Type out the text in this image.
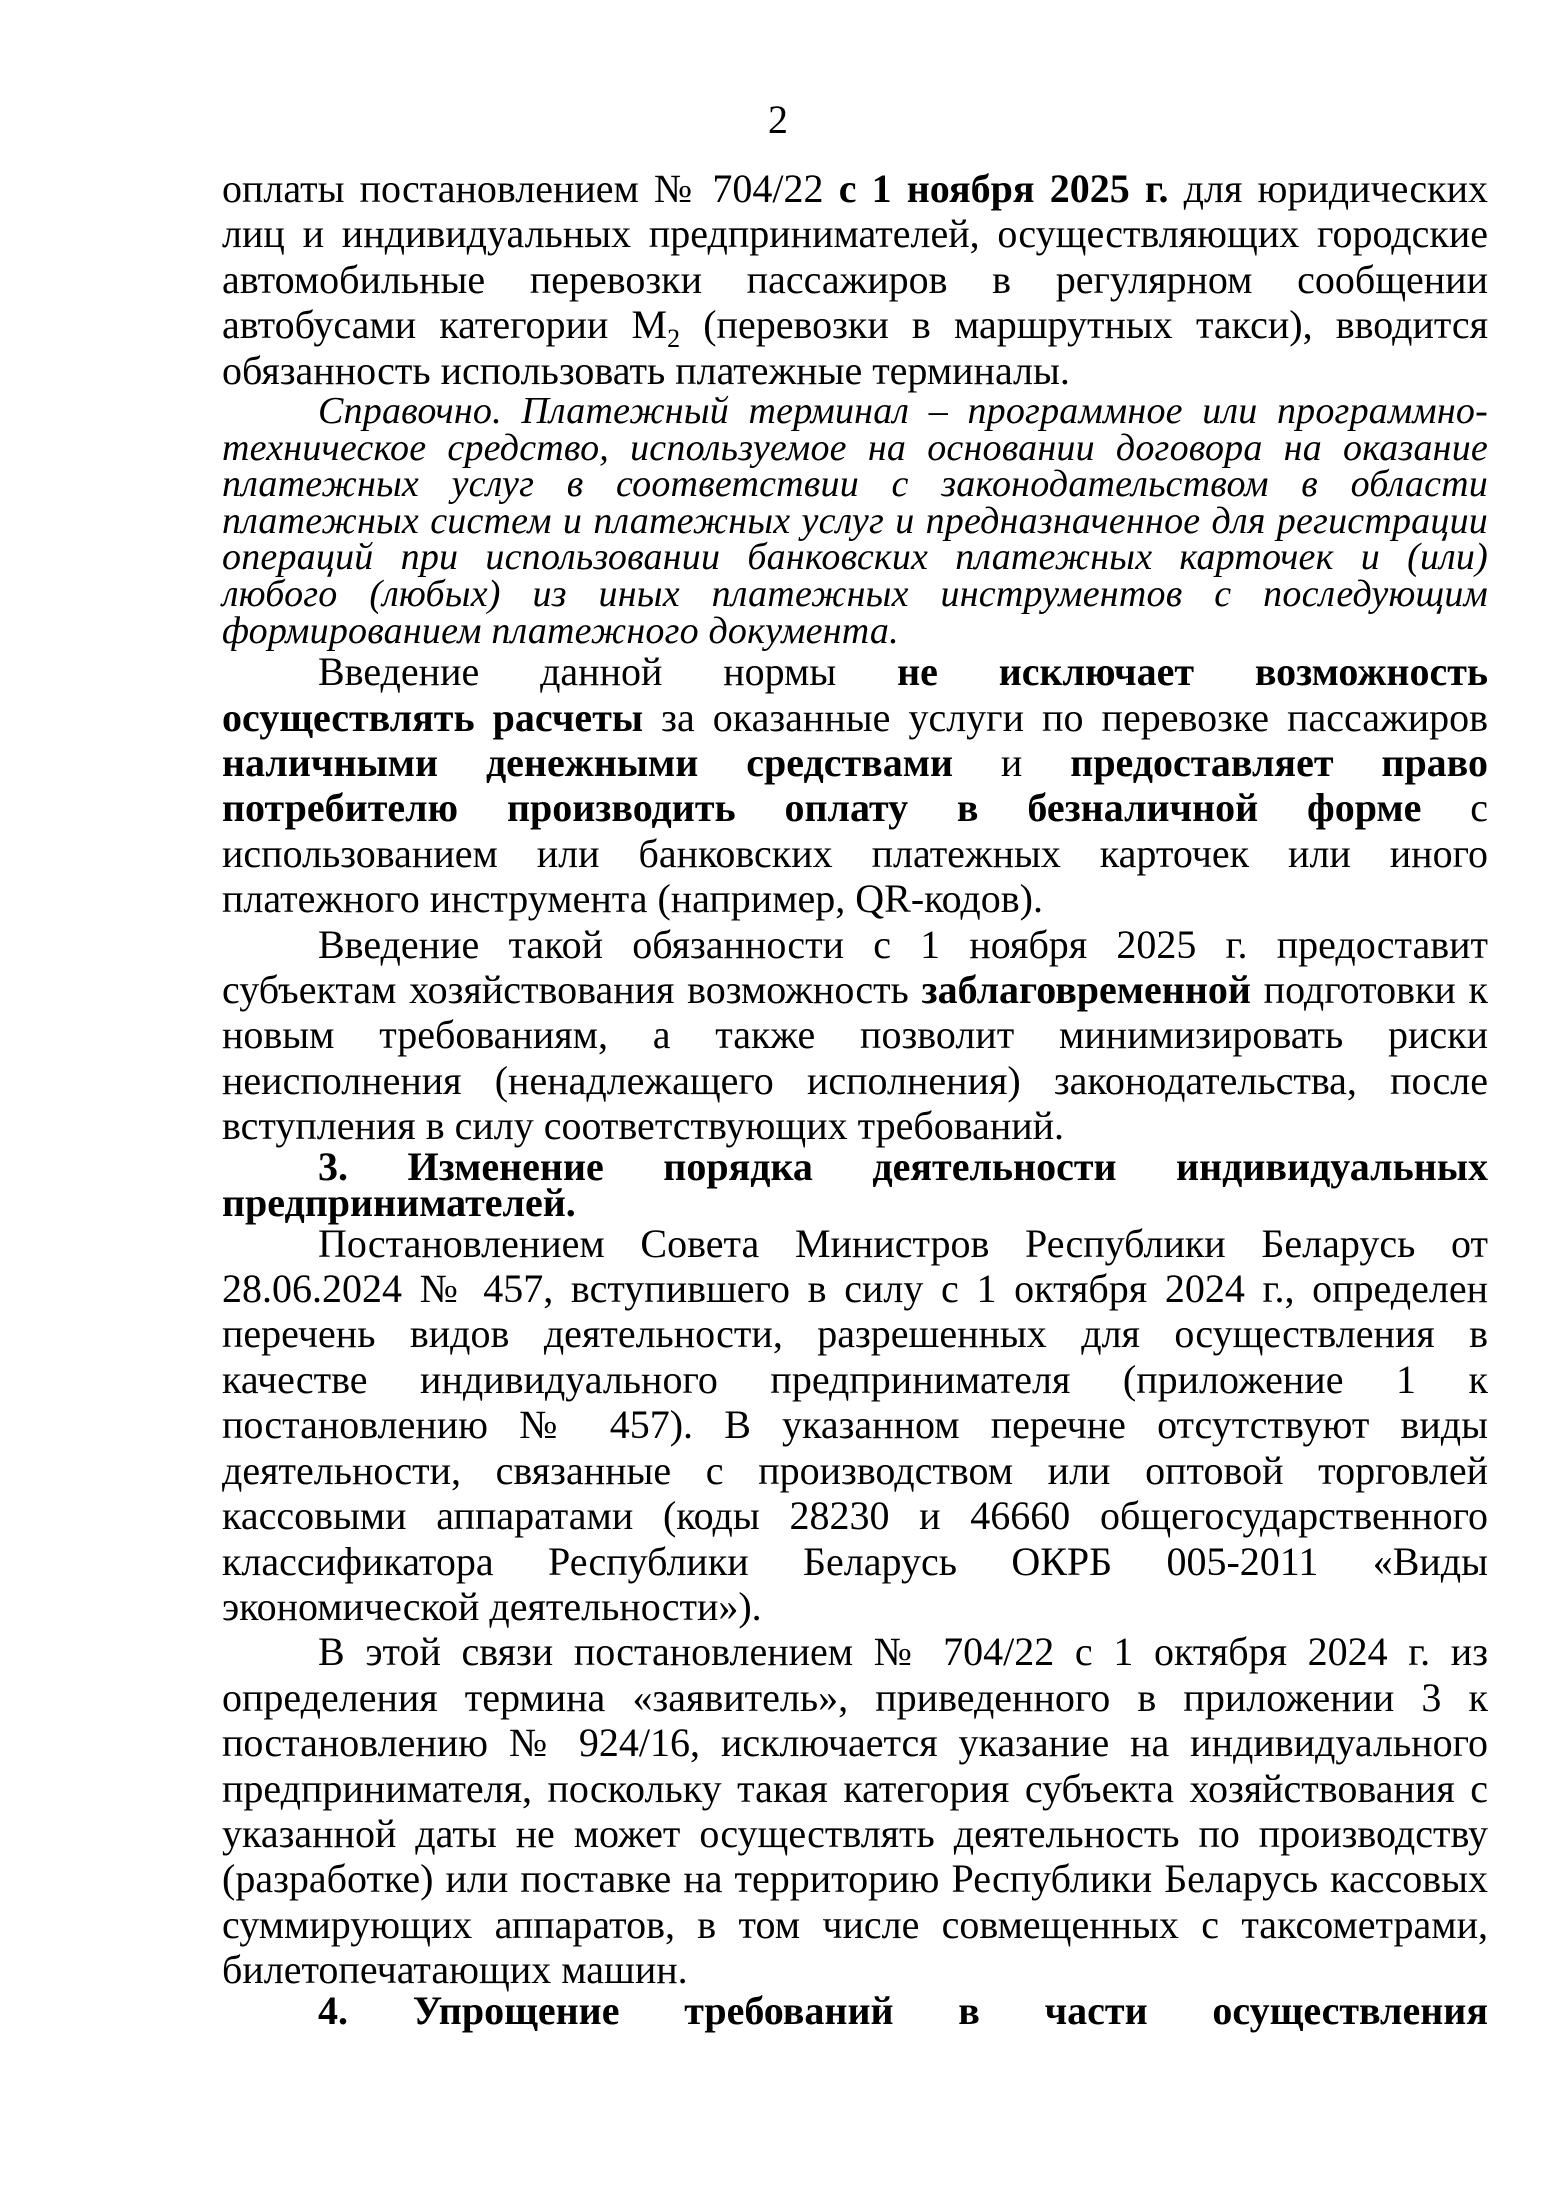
2

оплаты постановлением № 704/22 с 1 ноября 2025 г. для юридических лиц и индивидуальных предпринимателей, осуществляющих городские автомобильные перевозки пассажиров в регулярном сообщении автобусами категории $М_2$ (перевозки в маршрутных такси), вводится обязанность использовать платежные терминалы.

Справочно. Платежный терминал – программное или программно-техническое средство, используемое на основании договора на оказание платежных услуг в соответствии с законодательством в области платежных систем и платежных услуг и предназначенное для регистрации операций при использовании банковских платежных карточек и (или) любого (любых) из иных платежных инструментов с последующим формированием платежного документа.

Введение данной нормы не исключает возможность осуществлять расчеты за оказанные услуги по перевозке пассажиров наличными денежными средствами и предоставляет право потребителю производить оплату в безналичной форме с использованием или банковских платежных карточек или иного платежного инструмента (например, QR-кодов).

Введение такой обязанности с 1 ноября 2025 г. предоставит субъектам хозяйствования возможность заблаговременной подготовки к новым требованиям, а также позволит минимизировать риски неисполнения (ненадлежащего исполнения) законодательства, после вступления в силу соответствующих требований.

3. Изменение порядка деятельности индивидуальных предпринимателей.

Постановлением Совета Министров Республики Беларусь от 28.06.2024 № 457, вступившего в силу с 1 октября 2024 г., определен перечень видов деятельности, разрешенных для осуществления в качестве индивидуального предпринимателя (приложение 1 к постановлению № 457). В указанном перечне отсутствуют виды деятельности, связанные с производством или оптовой торговлей кассовыми аппаратами (коды 28230 и 46660 общегосударственного классификатора Республики Беларусь ОКРБ 005-2011 «Виды экономической деятельности»).

В этой связи постановлением № 704/22 с 1 октября 2024 г. из определения термина «заявитель», приведенного в приложении 3 к постановлению № 924/16, исключается указание на индивидуального предпринимателя, поскольку такая категория субъекта хозяйствования с указанной даты не может осуществлять деятельность по производству (разработке) или поставке на территорию Республики Беларусь кассовых суммирующих аппаратов, в том числе совмещенных с таксометрами, билетопечатающих машин.

4. Упрощение требований в части осуществления
